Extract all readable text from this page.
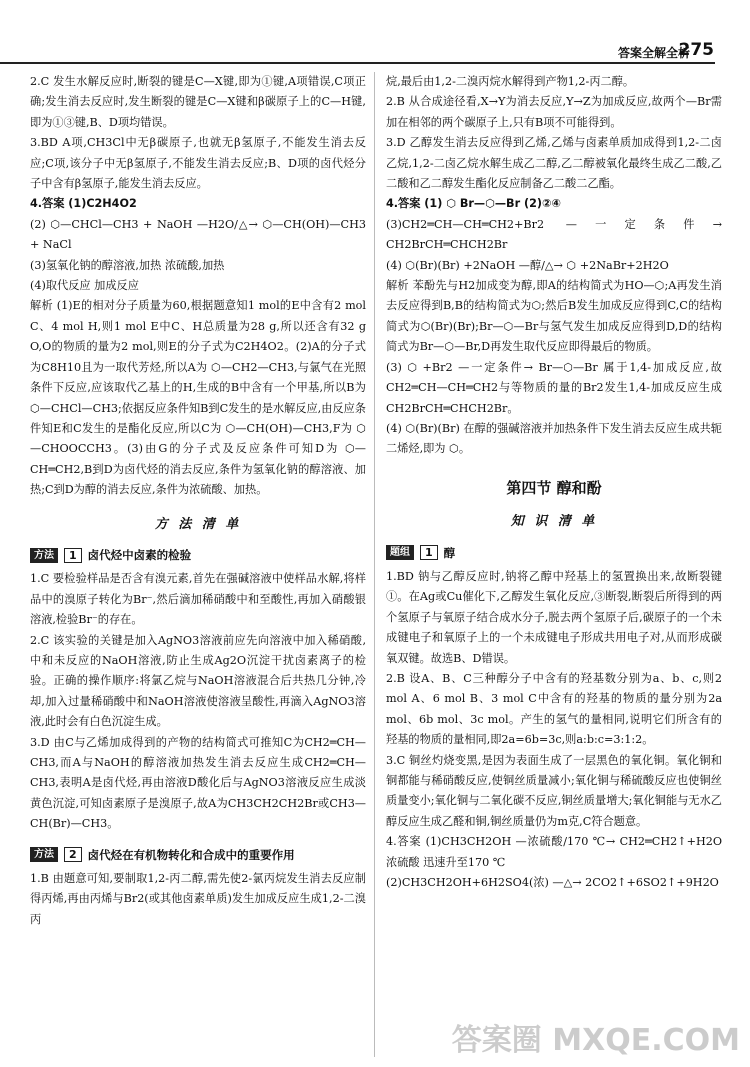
答案全解全析
275

2.C 发生水解反应时,断裂的键是C—X键,即为①键,A项错误,C项正确;发生消去反应时,发生断裂的键是C—X键和β碳原子上的C—H键,即为①③键,B、D项均错误。

3.BD A项,CH3Cl中无β碳原子,也就无β氢原子,不能发生消去反应;C项,该分子中无β氢原子,不能发生消去反应;B、D项的卤代烃分子中含有β氢原子,能发生消去反应。

4.答案 (1)C2H4O2

(2) ⬡—CHCl—CH3 + NaOH —H2O/△→ ⬡—CH(OH)—CH3 + NaCl

(3)氢氧化钠的醇溶液,加热 浓硫酸,加热

(4)取代反应 加成反应

解析 (1)E的相对分子质量为60,根据题意知1 mol的E中含有2 mol C、4 mol H,则1 mol E中C、H总质量为28 g,所以还含有32 g O,O的物质的量为2 mol,则E的分子式为C2H4O2。(2)A的分子式为C8H10且为一取代芳烃,所以A为 ⬡—CH2—CH3,与氯气在光照条件下反应,应该取代乙基上的H,生成的B中含有一个甲基,所以B为 ⬡—CHCl—CH3;依据反应条件知B到C发生的是水解反应,由反应条件知E和C发生的是酯化反应,所以C为 ⬡—CH(OH)—CH3,F为 ⬡—CHOOCCH3。(3)由G的分子式及反应条件可知D为 ⬡—CH═CH2,B到D为卤代烃的消去反应,条件为氢氧化钠的醇溶液、加热;C到D为醇的消去反应,条件为浓硫酸、加热。

方 法 清 单
方法	1 卤代烃中卤素的检验

1.C 要检验样品是否含有溴元素,首先在强碱溶液中使样品水解,将样品中的溴原子转化为Br⁻,然后滴加稀硝酸中和至酸性,再加入硝酸银溶液,检验Br⁻的存在。

2.C 该实验的关键是加入AgNO3溶液前应先向溶液中加入稀硝酸,中和未反应的NaOH溶液,防止生成Ag2O沉淀干扰卤素离子的检验。正确的操作顺序:将氯乙烷与NaOH溶液混合后共热几分钟,冷却,加入过量稀硝酸中和NaOH溶液使溶液呈酸性,再滴入AgNO3溶液,此时会有白色沉淀生成。

3.D 由C与乙烯加成得到的产物的结构简式可推知C为CH2═CH—CH3,而A与NaOH的醇溶液加热发生消去反应生成CH2═CH—CH3,表明A是卤代烃,再由溶液D酸化后与AgNO3溶液反应生成淡黄色沉淀,可知卤素原子是溴原子,故A为CH3CH2CH2Br或CH3—CH(Br)—CH3。

方法	2 卤代烃在有机物转化和合成中的重要作用

1.B 由题意可知,要制取1,2-丙二醇,需先使2-氯丙烷发生消去反应制得丙烯,再由丙烯与Br2(或其他卤素单质)发生加成反应生成1,2-二溴丙

烷,最后由1,2-二溴丙烷水解得到产物1,2-丙二醇。

2.B 从合成途径看,X→Y为消去反应,Y→Z为加成反应,故两个—Br需加在相邻的两个碳原子上,只有B项不可能得到。

3.D 乙醇发生消去反应得到乙烯,乙烯与卤素单质加成得到1,2-二卤乙烷,1,2-二卤乙烷水解生成乙二醇,乙二醇被氧化最终生成乙二酸,乙二酸和乙二醇发生酯化反应制备乙二酸二乙酯。

4.答案 (1) ⬡ Br—⬡—Br (2)②④

(3)CH2═CH—CH═CH2+Br2 —一定条件→ CH2BrCH═CHCH2Br

(4) ⬡(Br)(Br) +2NaOH —醇/△→ ⬡ +2NaBr+2H2O

解析 苯酚先与H2加成变为醇,即A的结构简式为HO—⬡;A再发生消去反应得到B,B的结构简式为⬡;然后B发生加成反应得到C,C的结构简式为⬡(Br)(Br);Br—⬡—Br与氢气发生加成反应得到D,D的结构简式为Br—⬡—Br,D再发生取代反应即得最后的物质。

(3) ⬡ +Br2 —一定条件→ Br—⬡—Br 属于1,4-加成反应,故CH2═CH—CH═CH2与等物质的量的Br2发生1,4-加成反应生成CH2BrCH═CHCH2Br。

(4) ⬡(Br)(Br) 在醇的强碱溶液并加热条件下发生消去反应生成共轭二烯烃,即为 ⬡。

第四节 醇和酚
知 识 清 单
题组	1 醇

1.BD 钠与乙醇反应时,钠将乙醇中羟基上的氢置换出来,故断裂键①。在Ag或Cu催化下,乙醇发生氧化反应,③断裂,断裂后所得到的两个氢原子与氧原子结合成水分子,脱去两个氢原子后,碳原子的一个未成键电子和氧原子上的一个未成键电子形成共用电子对,从而形成碳氧双键。故选B、D错误。

2.B 设A、B、C三种醇分子中含有的羟基数分别为a、b、c,则2 mol A、6 mol B、3 mol C中含有的羟基的物质的量分别为2a mol、6b mol、3c mol。产生的氢气的量相同,说明它们所含有的羟基的物质的量相同,即2a=6b=3c,则a:b:c=3:1:2。

3.C 铜丝灼烧变黑,是因为表面生成了一层黑色的氧化铜。氧化铜和铜都能与稀硝酸反应,使铜丝质量减小;氧化铜与稀硫酸反应也使铜丝质量变小;氧化铜与二氧化碳不反应,铜丝质量增大;氧化铜能与无水乙醇反应生成乙醛和铜,铜丝质量仍为m克,C符合题意。

4.答案 (1)CH3CH2OH —浓硫酸/170 ℃→ CH2═CH2↑+H2O 浓硫酸 迅速升至170 ℃

(2)CH3CH2OH+6H2SO4(浓) —△→ 2CO2↑+6SO2↑+9H2O

答案圈 MXQE.COM
